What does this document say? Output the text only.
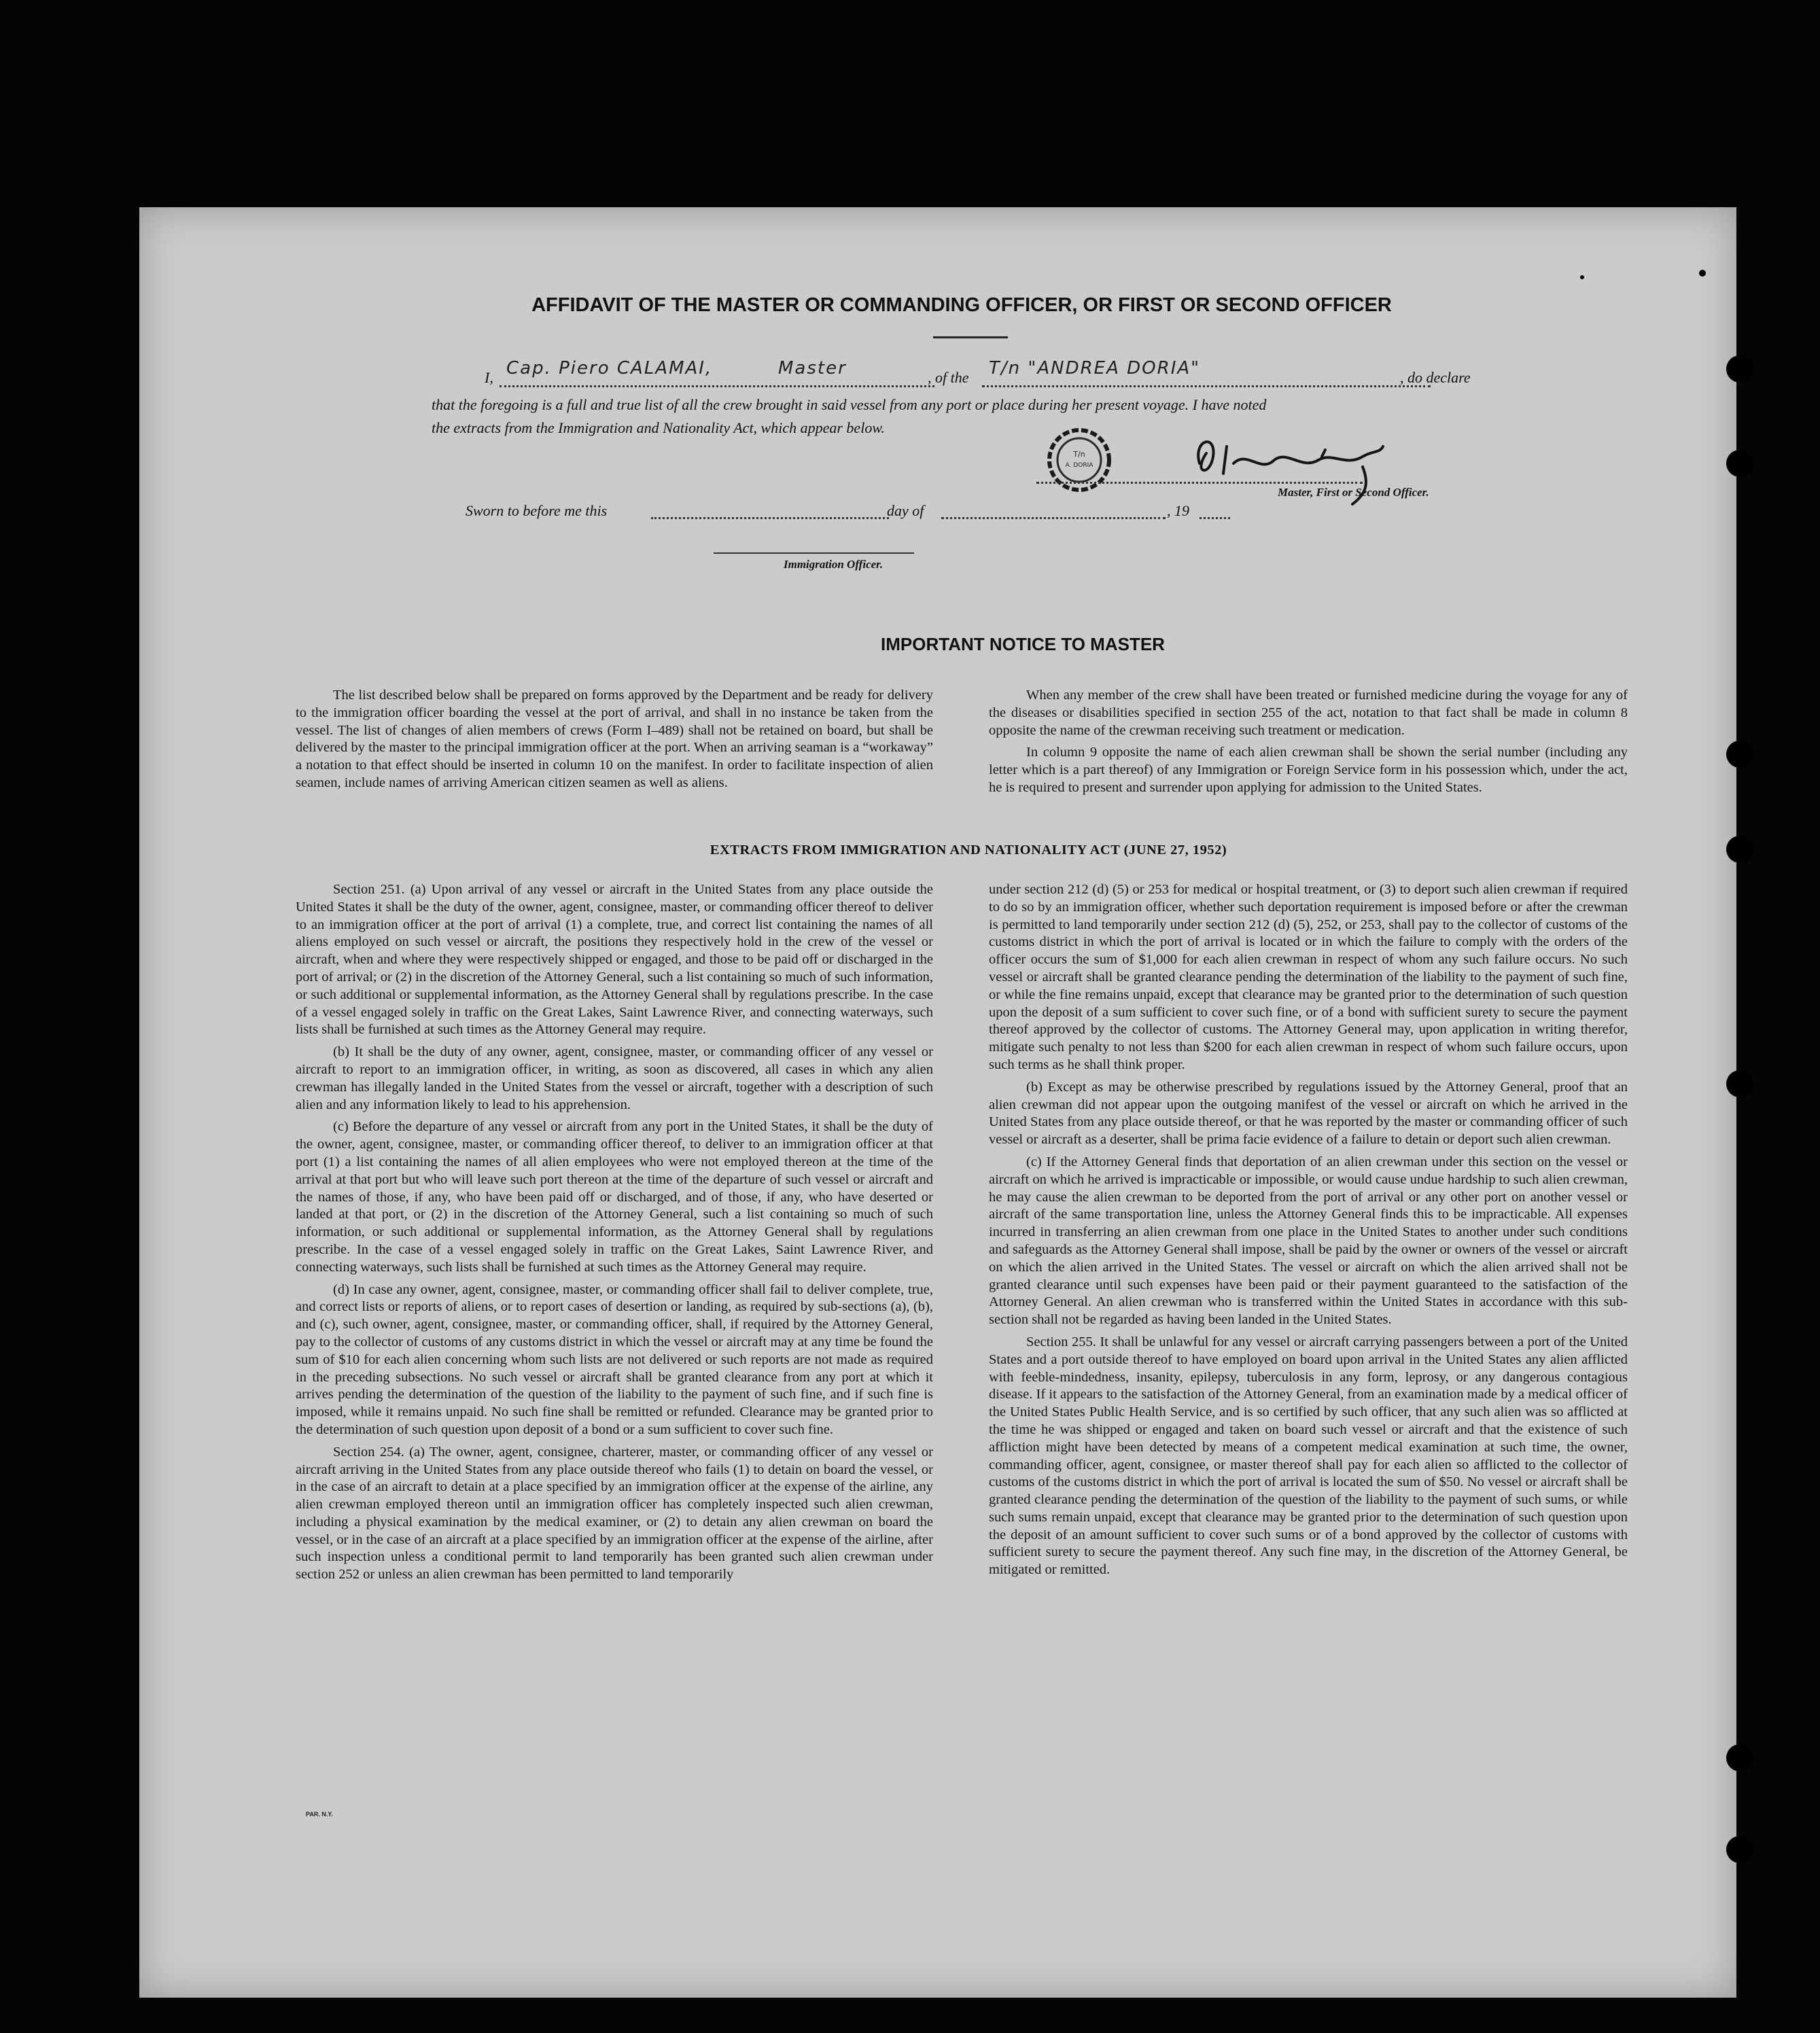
AFFIDAVIT OF THE MASTER OR COMMANDING OFFICER, OR FIRST OR SECOND OFFICER
I, Cap. Piero CALAMAI,	Master	, of the T/n "ANDREA DORIA"	, do declare
that the foregoing is a full and true list of all the crew brought in said vessel from any port or place during her present voyage. I have noted
the extracts from the Immigration and Nationality Act, which appear below.
T/n
A. DORIA
Master, First or Second Officer.
Sworn to before me this	day of	, 19
Immigration Officer.
IMPORTANT NOTICE TO MASTER

The list described below shall be prepared on forms approved by the Department and be ready for delivery to the immigration officer boarding the vessel at the port of arrival, and shall in no instance be taken from the vessel. The list of changes of alien members of crews (Form I–489) shall not be retained on board, but shall be delivered by the master to the principal immigration officer at the port. When an arriving seaman is a “workaway” a notation to that effect should be inserted in column 10 on the manifest. In order to facilitate inspection of alien seamen, include names of arriving American citizen seamen as well as aliens.

When any member of the crew shall have been treated or furnished medicine during the voyage for any of the diseases or disabilities specified in section 255 of the act, notation to that fact shall be made in column 8 opposite the name of the crewman receiving such treatment or medication.

In column 9 opposite the name of each alien crewman shall be shown the serial number (including any letter which is a part thereof) of any Immigration or Foreign Service form in his possession which, under the act, he is required to present and surrender upon applying for admission to the United States.

EXTRACTS FROM IMMIGRATION AND NATIONALITY ACT (JUNE 27, 1952)

Section 251. (a) Upon arrival of any vessel or aircraft in the United States from any place outside the United States it shall be the duty of the owner, agent, consignee, master, or commanding officer thereof to deliver to an immigration officer at the port of arrival (1) a complete, true, and correct list containing the names of all aliens employed on such vessel or aircraft, the positions they respectively hold in the crew of the vessel or aircraft, when and where they were respectively shipped or engaged, and those to be paid off or discharged in the port of arrival; or (2) in the discretion of the Attorney General, such a list containing so much of such information, or such additional or supplemental information, as the Attorney General shall by regulations prescribe. In the case of a vessel engaged solely in traffic on the Great Lakes, Saint Lawrence River, and connecting waterways, such lists shall be furnished at such times as the Attorney General may require.

(b) It shall be the duty of any owner, agent, consignee, master, or commanding officer of any vessel or aircraft to report to an immigration officer, in writing, as soon as discovered, all cases in which any alien crewman has illegally landed in the United States from the vessel or aircraft, together with a description of such alien and any information likely to lead to his apprehension.

(c) Before the departure of any vessel or aircraft from any port in the United States, it shall be the duty of the owner, agent, consignee, master, or commanding officer thereof, to deliver to an immigration officer at that port (1) a list containing the names of all alien employees who were not employed thereon at the time of the arrival at that port but who will leave such port thereon at the time of the departure of such vessel or aircraft and the names of those, if any, who have been paid off or discharged, and of those, if any, who have deserted or landed at that port, or (2) in the discretion of the Attorney General, such a list containing so much of such information, or such additional or supplemental information, as the Attorney General shall by regulations prescribe. In the case of a vessel engaged solely in traffic on the Great Lakes, Saint Lawrence River, and connecting waterways, such lists shall be furnished at such times as the Attorney General may require.

(d) In case any owner, agent, consignee, master, or commanding officer shall fail to deliver complete, true, and correct lists or reports of aliens, or to report cases of desertion or landing, as required by sub-sections (a), (b), and (c), such owner, agent, consignee, master, or commanding officer, shall, if required by the Attorney General, pay to the collector of customs of any customs district in which the vessel or aircraft may at any time be found the sum of $10 for each alien concerning whom such lists are not delivered or such reports are not made as required in the preceding subsections. No such vessel or aircraft shall be granted clearance from any port at which it arrives pending the determination of the question of the liability to the payment of such fine, and if such fine is imposed, while it remains unpaid. No such fine shall be remitted or refunded. Clearance may be granted prior to the determination of such question upon deposit of a bond or a sum sufficient to cover such fine.

Section 254. (a) The owner, agent, consignee, charterer, master, or commanding officer of any vessel or aircraft arriving in the United States from any place outside thereof who fails (1) to detain on board the vessel, or in the case of an aircraft to detain at a place specified by an immigration officer at the expense of the airline, any alien crewman employed thereon until an immigration officer has completely inspected such alien crewman, including a physical examination by the medical examiner, or (2) to detain any alien crewman on board the vessel, or in the case of an aircraft at a place specified by an immigration officer at the expense of the airline, after such inspection unless a conditional permit to land temporarily has been granted such alien crewman under section 252 or unless an alien crewman has been permitted to land temporarily

under section 212 (d) (5) or 253 for medical or hospital treatment, or (3) to deport such alien crewman if required to do so by an immigration officer, whether such deportation requirement is imposed before or after the crewman is permitted to land temporarily under section 212 (d) (5), 252, or 253, shall pay to the collector of customs of the customs district in which the port of arrival is located or in which the failure to comply with the orders of the officer occurs the sum of $1,000 for each alien crewman in respect of whom any such failure occurs. No such vessel or aircraft shall be granted clearance pending the determination of the liability to the payment of such fine, or while the fine remains unpaid, except that clearance may be granted prior to the determination of such question upon the deposit of a sum sufficient to cover such fine, or of a bond with sufficient surety to secure the payment thereof approved by the collector of customs. The Attorney General may, upon application in writing therefor, mitigate such penalty to not less than $200 for each alien crewman in respect of whom such failure occurs, upon such terms as he shall think proper.

(b) Except as may be otherwise prescribed by regulations issued by the Attorney General, proof that an alien crewman did not appear upon the outgoing manifest of the vessel or aircraft on which he arrived in the United States from any place outside thereof, or that he was reported by the master or commanding officer of such vessel or aircraft as a deserter, shall be prima facie evidence of a failure to detain or deport such alien crewman.

(c) If the Attorney General finds that deportation of an alien crewman under this section on the vessel or aircraft on which he arrived is impracticable or impossible, or would cause undue hardship to such alien crewman, he may cause the alien crewman to be deported from the port of arrival or any other port on another vessel or aircraft of the same transportation line, unless the Attorney General finds this to be impracticable. All expenses incurred in transferring an alien crewman from one place in the United States to another under such conditions and safeguards as the Attorney General shall impose, shall be paid by the owner or owners of the vessel or aircraft on which the alien arrived in the United States. The vessel or aircraft on which the alien arrived shall not be granted clearance until such expenses have been paid or their payment guaranteed to the satisfaction of the Attorney General. An alien crewman who is transferred within the United States in accordance with this sub-section shall not be regarded as having been landed in the United States.

Section 255. It shall be unlawful for any vessel or aircraft carrying passengers between a port of the United States and a port outside thereof to have employed on board upon arrival in the United States any alien afflicted with feeble-mindedness, insanity, epilepsy, tuberculosis in any form, leprosy, or any dangerous contagious disease. If it appears to the satisfaction of the Attorney General, from an examination made by a medical officer of the United States Public Health Service, and is so certified by such officer, that any such alien was so afflicted at the time he was shipped or engaged and taken on board such vessel or aircraft and that the existence of such affliction might have been detected by means of a competent medical examination at such time, the owner, commanding officer, agent, consignee, or master thereof shall pay for each alien so afflicted to the collector of customs of the customs district in which the port of arrival is located the sum of $50. No vessel or aircraft shall be granted clearance pending the determination of the question of the liability to the payment of such sums, or while such sums remain unpaid, except that clearance may be granted prior to the determination of such question upon the deposit of an amount sufficient to cover such sums or of a bond approved by the collector of customs with sufficient surety to secure the payment thereof. Any such fine may, in the discretion of the Attorney General, be mitigated or remitted.

PAR. N.Y.
